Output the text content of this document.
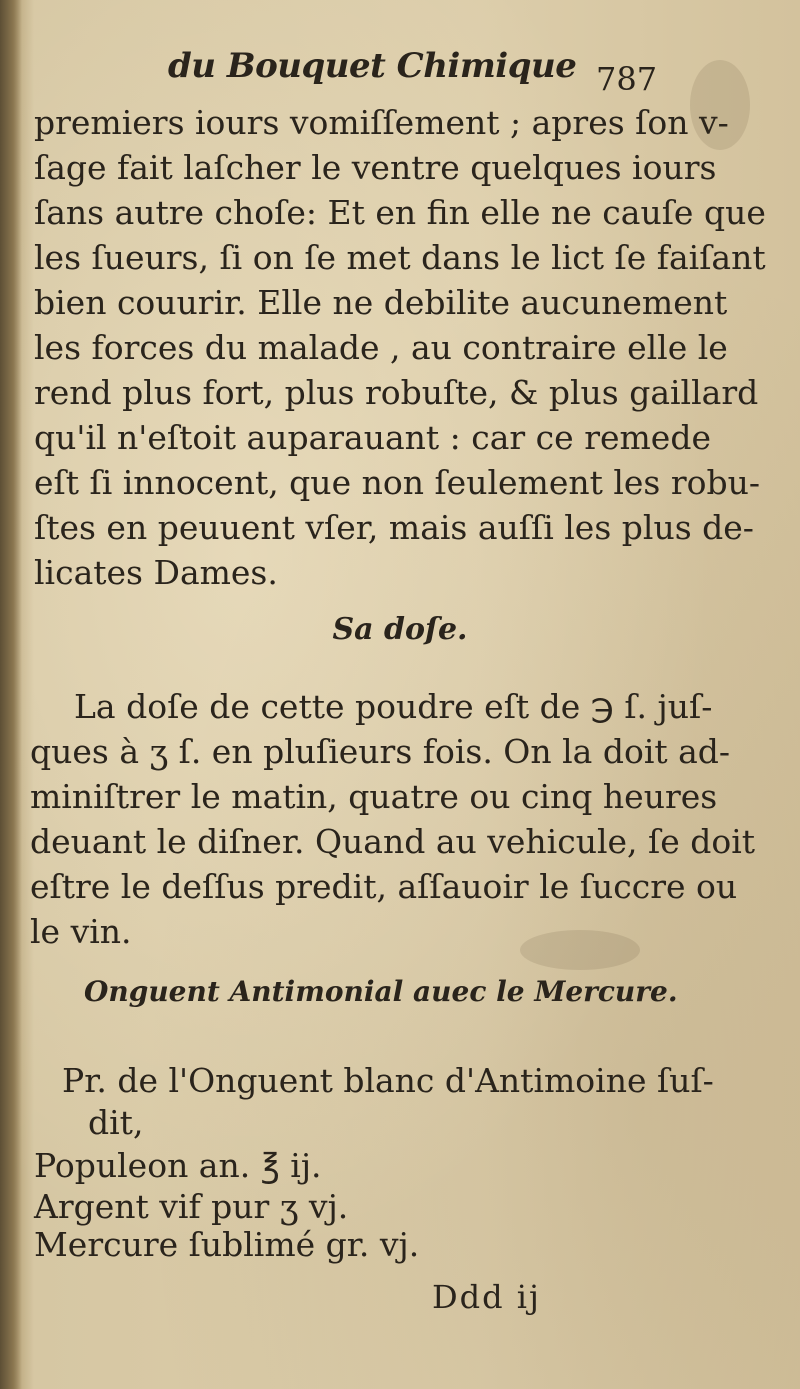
du Bouquet Chimique 787
premiers iours vomiſſement ; apres ſon v-
ſage fait laſcher le ventre quelques iours
ſans autre choſe: Et en fin elle ne cauſe que
les ſueurs, ſi on ſe met dans le lict ſe faiſant
bien couurir. Elle ne debilite aucunement
les forces du malade , au contraire elle le
rend plus fort, plus robuſte, & plus gaillard
qu'il n'eſtoit auparauant : car ce remede
eſt ſi innocent, que non ſeulement les robu-
ſtes en peuuent vſer, mais auſſi les plus de-
licates Dames.
Sa doſe.
La doſe de cette poudre eſt de ℈ ſ. juſ-
ques à ʒ ſ. en pluſieurs fois. On la doit ad-
miniſtrer le matin, quatre ou cinq heures
deuant le diſner. Quand au vehicule, ſe doit
eſtre le deſſus predit, aſſauoir le ſuccre ou
le vin.
Onguent Antimonial auec le Mercure.
Pr. de l'Onguent blanc d'Antimoine ſuſ-
dit,
Populeon an. ℥ ij.
Argent vif pur ʒ vj.
Mercure ſublimé gr. vj.
Ddd ij
